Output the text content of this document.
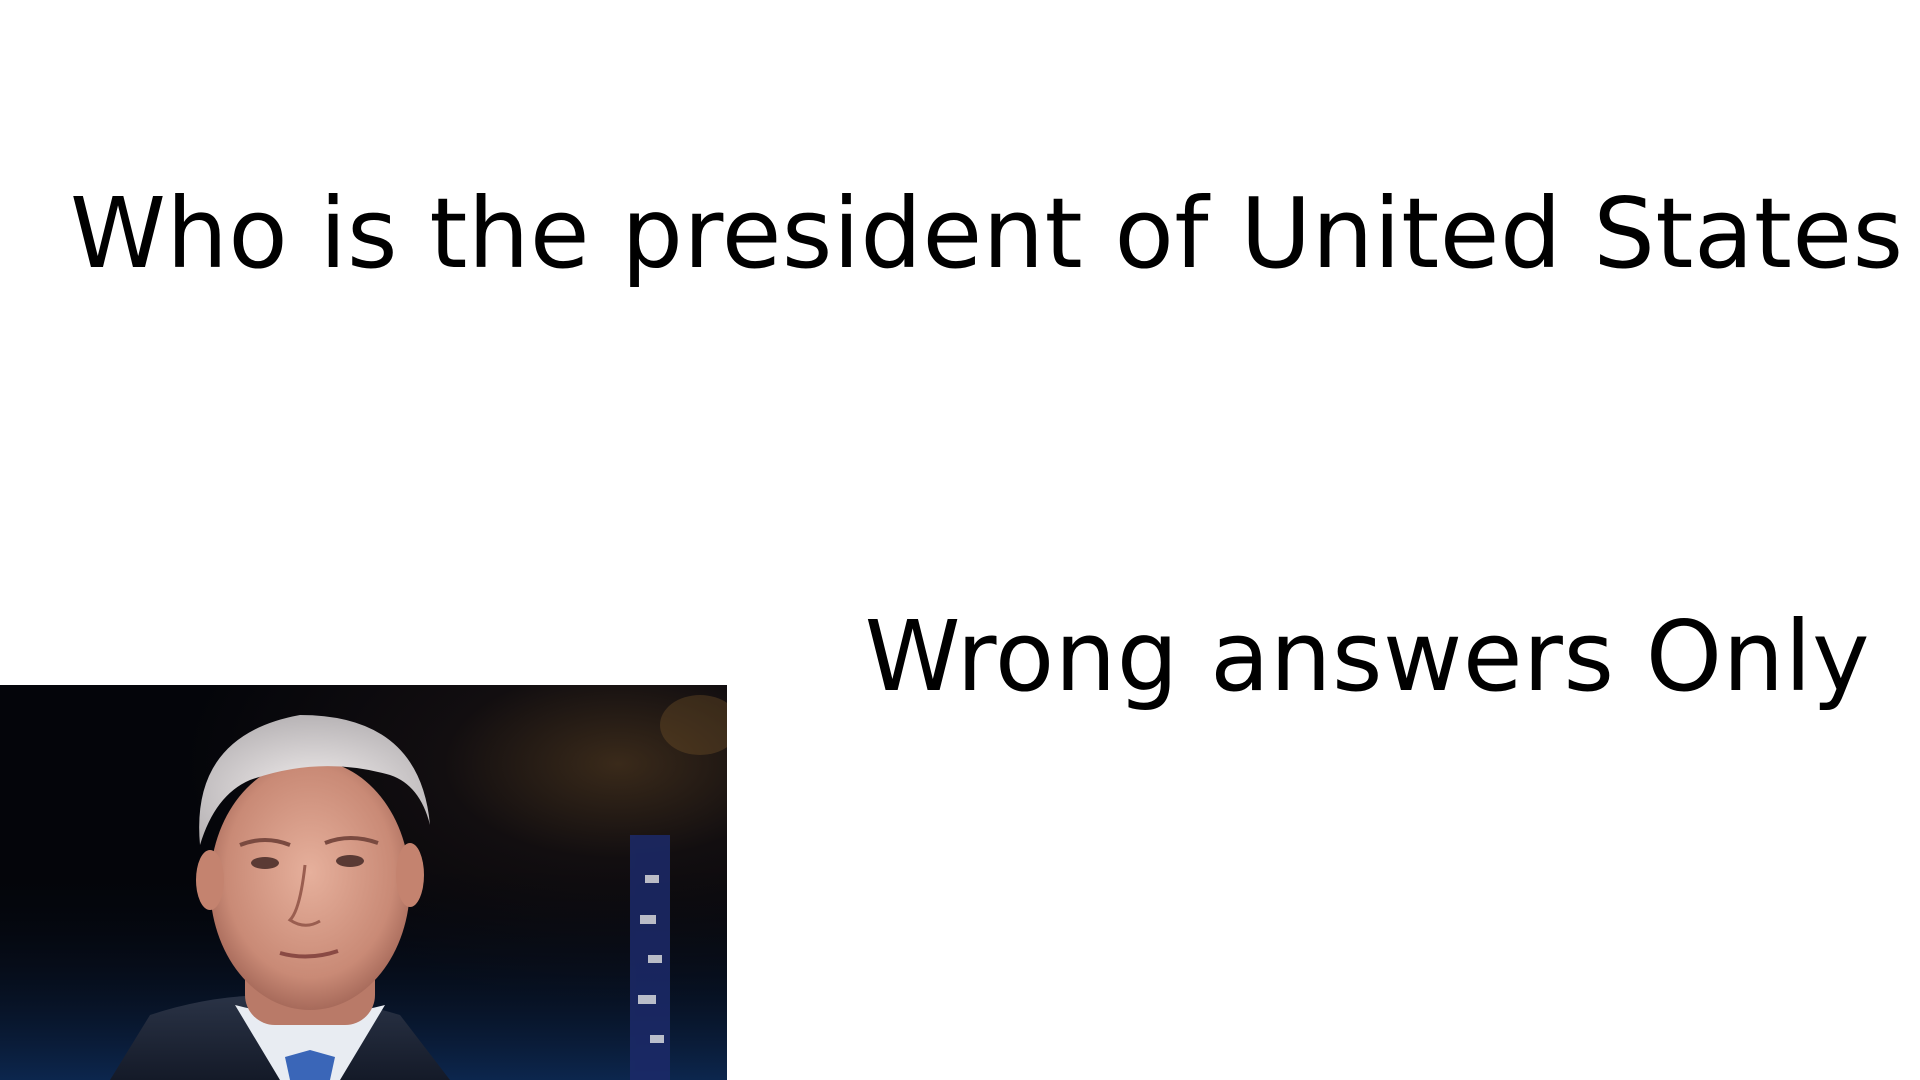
Who is the president of United States
Wrong answers Only
